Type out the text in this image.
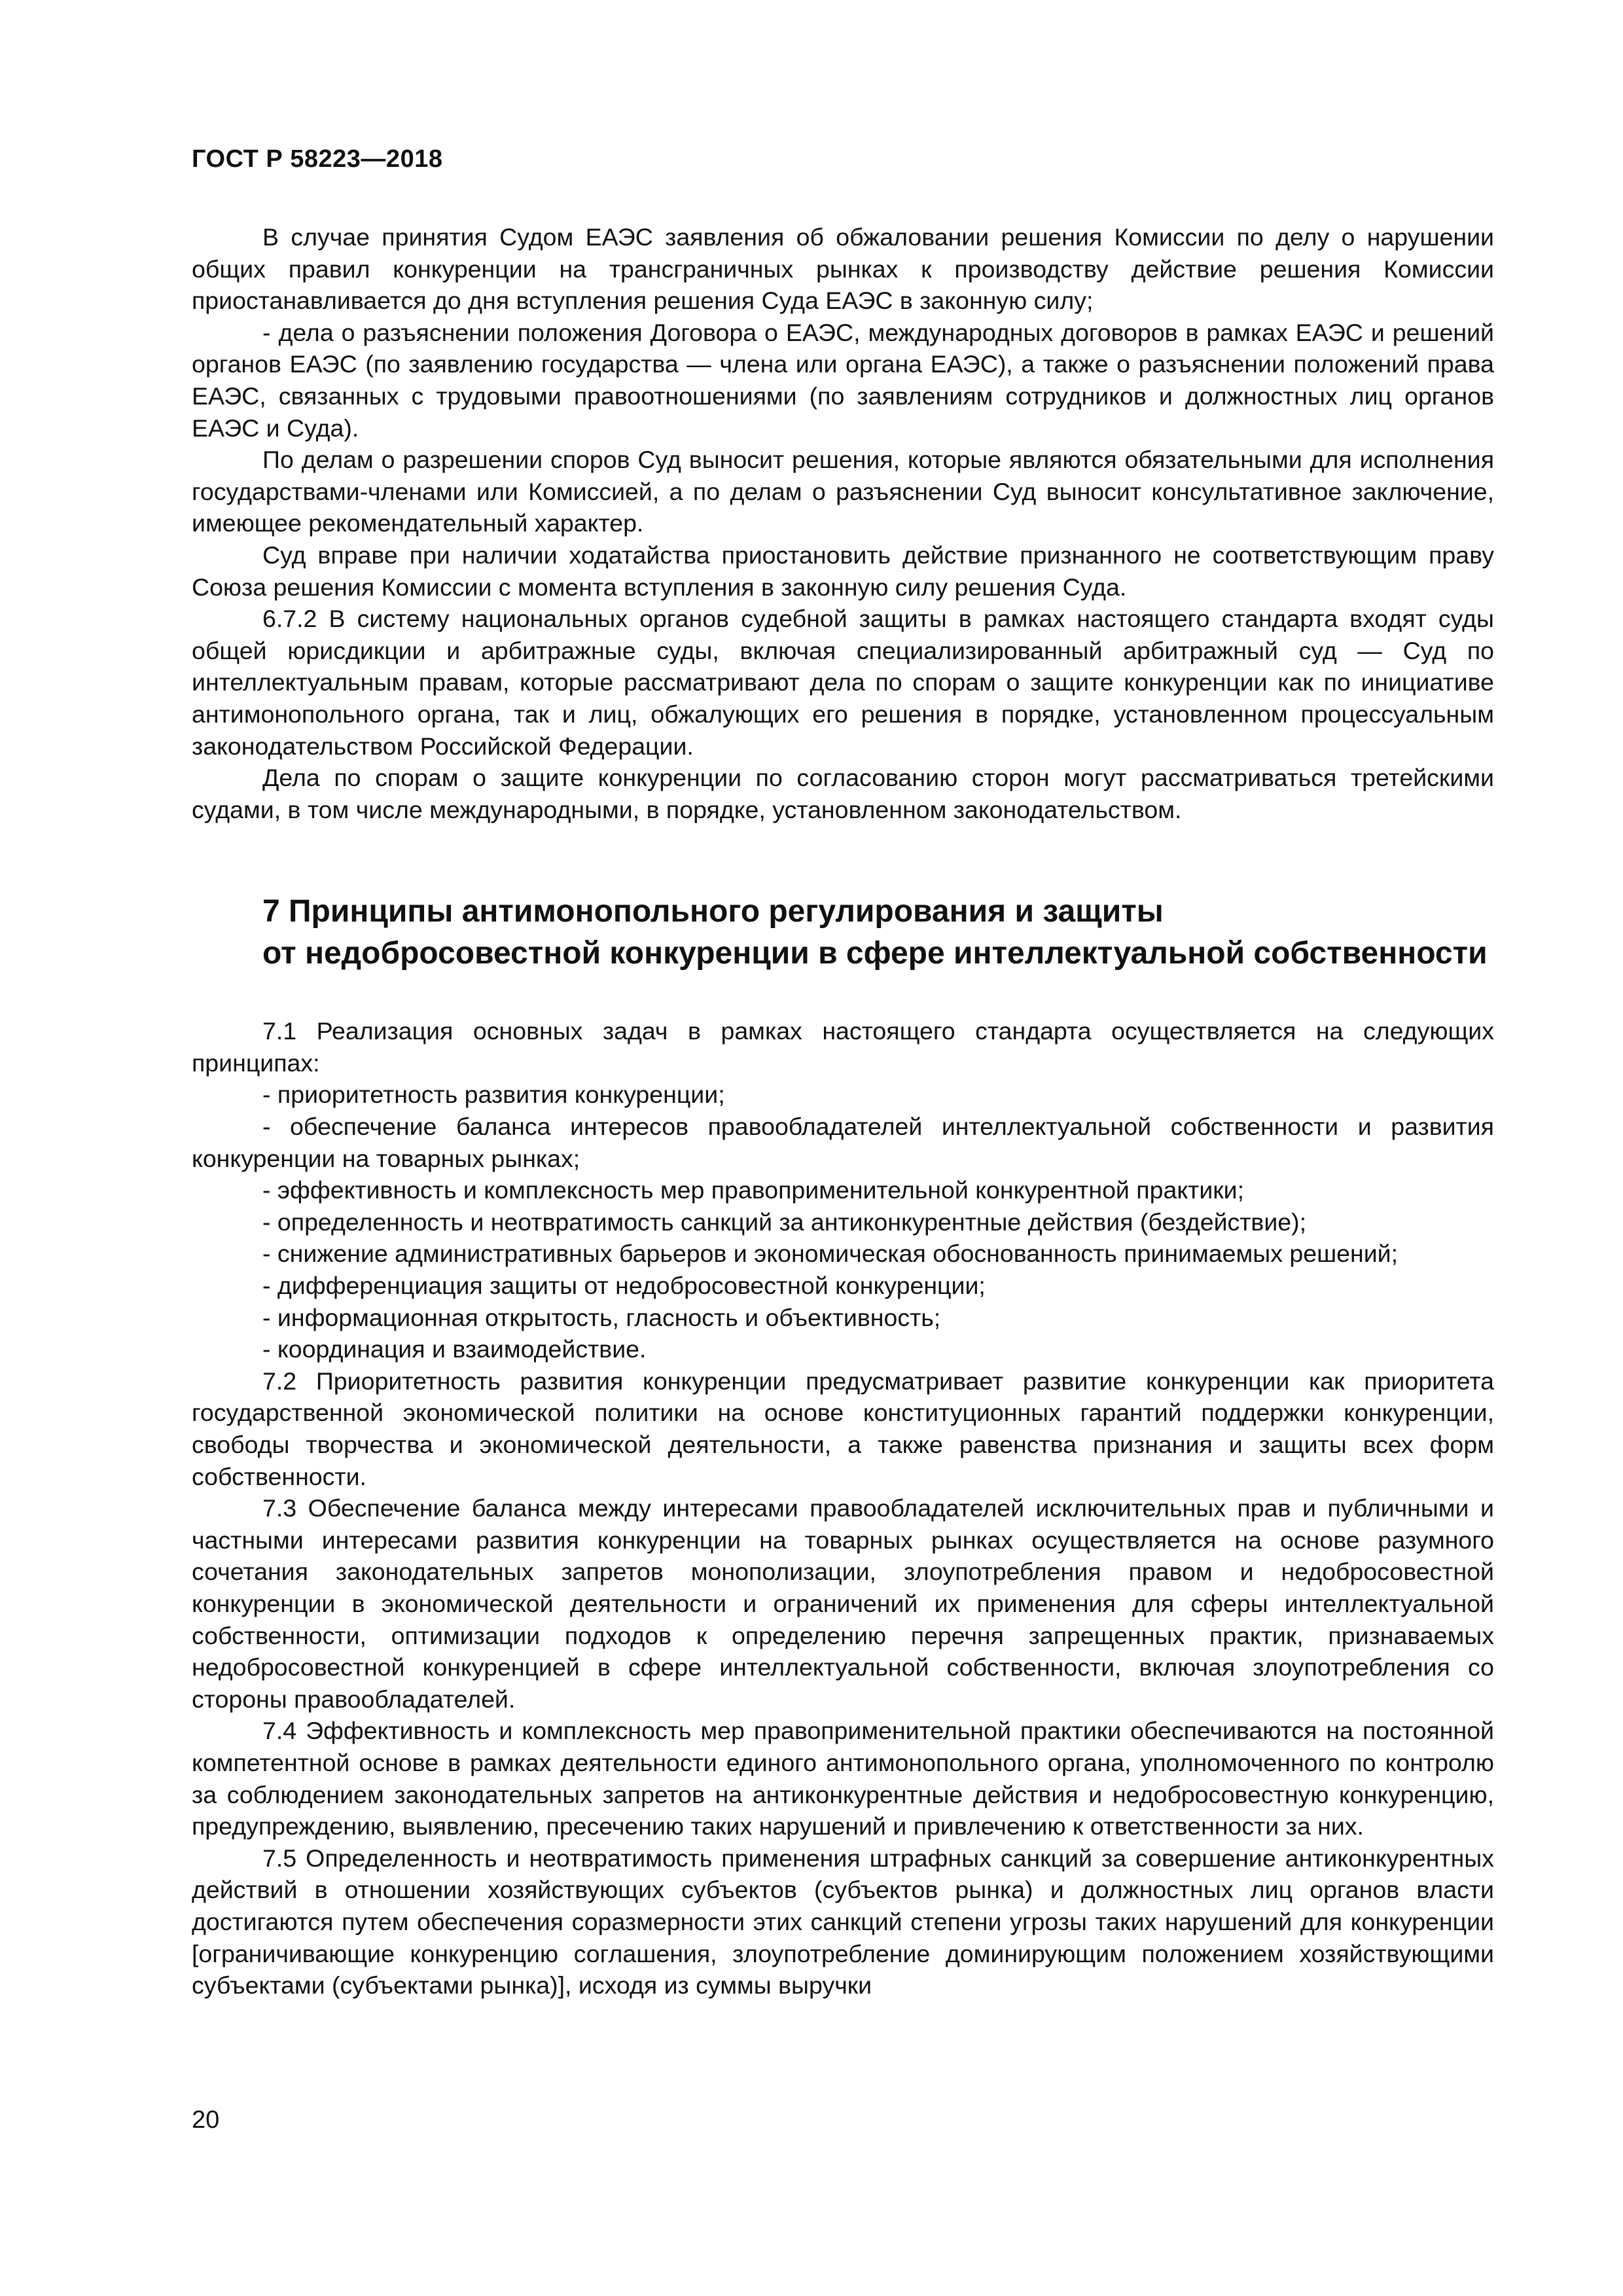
ГОСТ Р 58223—2018

В случае принятия Судом ЕАЭС заявления об обжаловании решения Комиссии по делу о нарушении общих правил конкуренции на трансграничных рынках к производству действие решения Комиссии приостанавливается до дня вступления решения Суда ЕАЭС в законную силу;

- дела о разъяснении положения Договора о ЕАЭС, международных договоров в рамках ЕАЭС и решений органов ЕАЭС (по заявлению государства — члена или органа ЕАЭС), а также о разъяснении положений права ЕАЭС, связанных с трудовыми правоотношениями (по заявлениям сотрудников и должностных лиц органов ЕАЭС и Суда).

По делам о разрешении споров Суд выносит решения, которые являются обязательными для исполнения государствами-членами или Комиссией, а по делам о разъяснении Суд выносит консультативное заключение, имеющее рекомендательный характер.

Суд вправе при наличии ходатайства приостановить действие признанного не соответствующим праву Союза решения Комиссии с момента вступления в законную силу решения Суда.

6.7.2 В систему национальных органов судебной защиты в рамках настоящего стандарта входят суды общей юрисдикции и арбитражные суды, включая специализированный арбитражный суд — Суд по интеллектуальным правам, которые рассматривают дела по спорам о защите конкуренции как по инициативе антимонопольного органа, так и лиц, обжалующих его решения в порядке, установленном процессуальным законодательством Российской Федерации.

Дела по спорам о защите конкуренции по согласованию сторон могут рассматриваться третейскими судами, в том числе международными, в порядке, установленном законодательством.

7 Принципы антимонопольного регулирования и защиты
от недобросовестной конкуренции в сфере интеллектуальной собственности

7.1 Реализация основных задач в рамках настоящего стандарта осуществляется на следующих принципах:

- приоритетность развития конкуренции;

- обеспечение баланса интересов правообладателей интеллектуальной собственности и развития конкуренции на товарных рынках;

- эффективность и комплексность мер правоприменительной конкурентной практики;

- определенность и неотвратимость санкций за антиконкурентные действия (бездействие);

- снижение административных барьеров и экономическая обоснованность принимаемых решений;

- дифференциация защиты от недобросовестной конкуренции;

- информационная открытость, гласность и объективность;

- координация и взаимодействие.

7.2 Приоритетность развития конкуренции предусматривает развитие конкуренции как приоритета государственной экономической политики на основе конституционных гарантий поддержки конкуренции, свободы творчества и экономической деятельности, а также равенства признания и защиты всех форм собственности.

7.3 Обеспечение баланса между интересами правообладателей исключительных прав и публичными и частными интересами развития конкуренции на товарных рынках осуществляется на основе разумного сочетания законодательных запретов монополизации, злоупотребления правом и недобросовестной конкуренции в экономической деятельности и ограничений их применения для сферы интеллектуальной собственности, оптимизации подходов к определению перечня запрещенных практик, признаваемых недобросовестной конкуренцией в сфере интеллектуальной собственности, включая злоупотребления со стороны правообладателей.

7.4 Эффективность и комплексность мер правоприменительной практики обеспечиваются на постоянной компетентной основе в рамках деятельности единого антимонопольного органа, уполномоченного по контролю за соблюдением законодательных запретов на антиконкурентные действия и недобросовестную конкуренцию, предупреждению, выявлению, пресечению таких нарушений и привлечению к ответственности за них.

7.5 Определенность и неотвратимость применения штрафных санкций за совершение антиконкурентных действий в отношении хозяйствующих субъектов (субъектов рынка) и должностных лиц органов власти достигаются путем обеспечения соразмерности этих санкций степени угрозы таких нарушений для конкуренции [ограничивающие конкуренцию соглашения, злоупотребление доминирующим положением хозяйствующими субъектами (субъектами рынка)], исходя из суммы выручки

20
